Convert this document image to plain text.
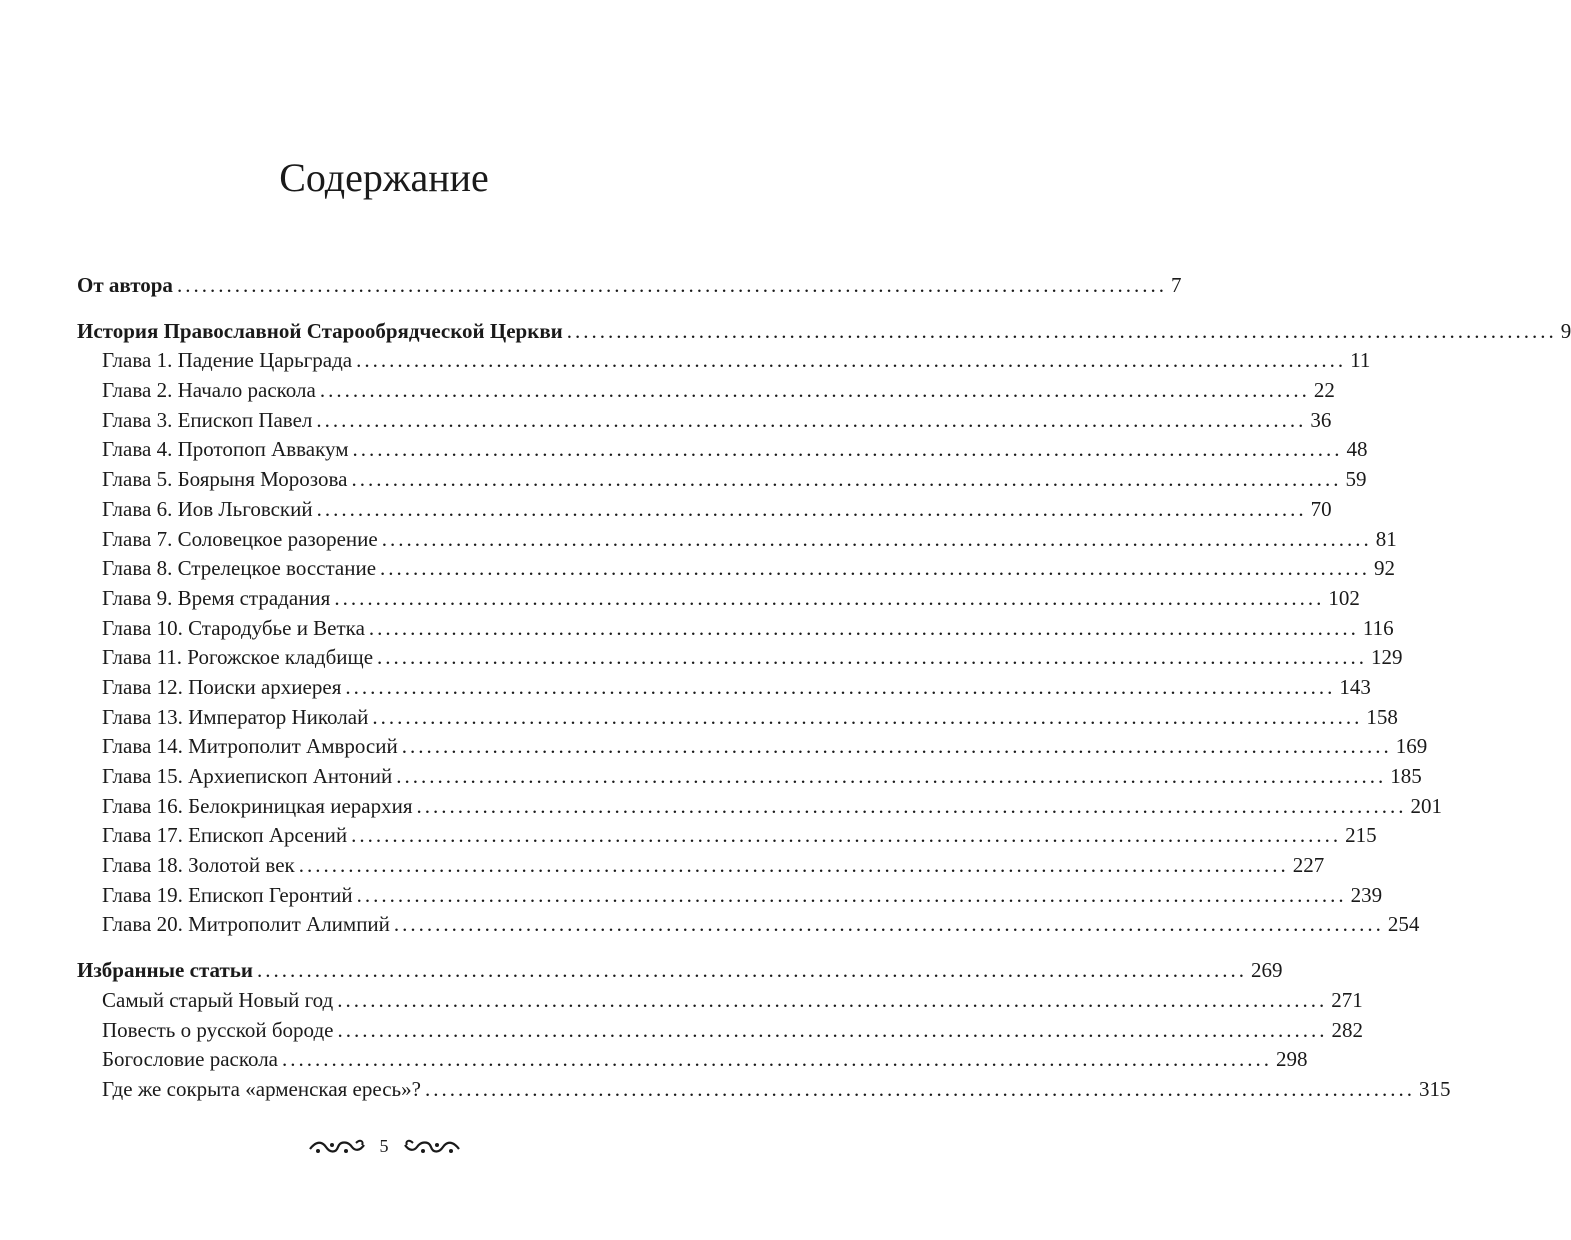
Содержание
От автора ........................................................................................................................ 7
История Православной Старообрядческой Церкви ........................................................................................................................ 9
Глава 1. Падение Царьграда ........................................................................................................................ 11
Глава 2. Начало раскола ........................................................................................................................ 22
Глава 3. Епископ Павел ........................................................................................................................ 36
Глава 4. Протопоп Аввакум ........................................................................................................................ 48
Глава 5. Боярыня Морозова ........................................................................................................................ 59
Глава 6. Иов Льговский ........................................................................................................................ 70
Глава 7. Соловецкое разорение ........................................................................................................................ 81
Глава 8. Стрелецкое восстание ........................................................................................................................ 92
Глава 9. Время страдания ........................................................................................................................ 102
Глава 10. Стародубье и Ветка ........................................................................................................................ 116
Глава 11. Рогожское кладбище ........................................................................................................................ 129
Глава 12. Поиски архиерея ........................................................................................................................ 143
Глава 13. Император Николай ........................................................................................................................ 158
Глава 14. Митрополит Амвросий ........................................................................................................................ 169
Глава 15. Архиепископ Антоний ........................................................................................................................ 185
Глава 16. Белокриницкая иерархия ........................................................................................................................ 201
Глава 17. Епископ Арсений ........................................................................................................................ 215
Глава 18. Золотой век ........................................................................................................................ 227
Глава 19. Епископ Геронтий ........................................................................................................................ 239
Глава 20. Митрополит Алимпий ........................................................................................................................ 254
Избранные статьи ........................................................................................................................ 269
Самый старый Новый год ........................................................................................................................ 271
Повесть о русской бороде ........................................................................................................................ 282
Богословие раскола ........................................................................................................................ 298
Где же сокрыта «арменская ересь»? ........................................................................................................................ 315
5
